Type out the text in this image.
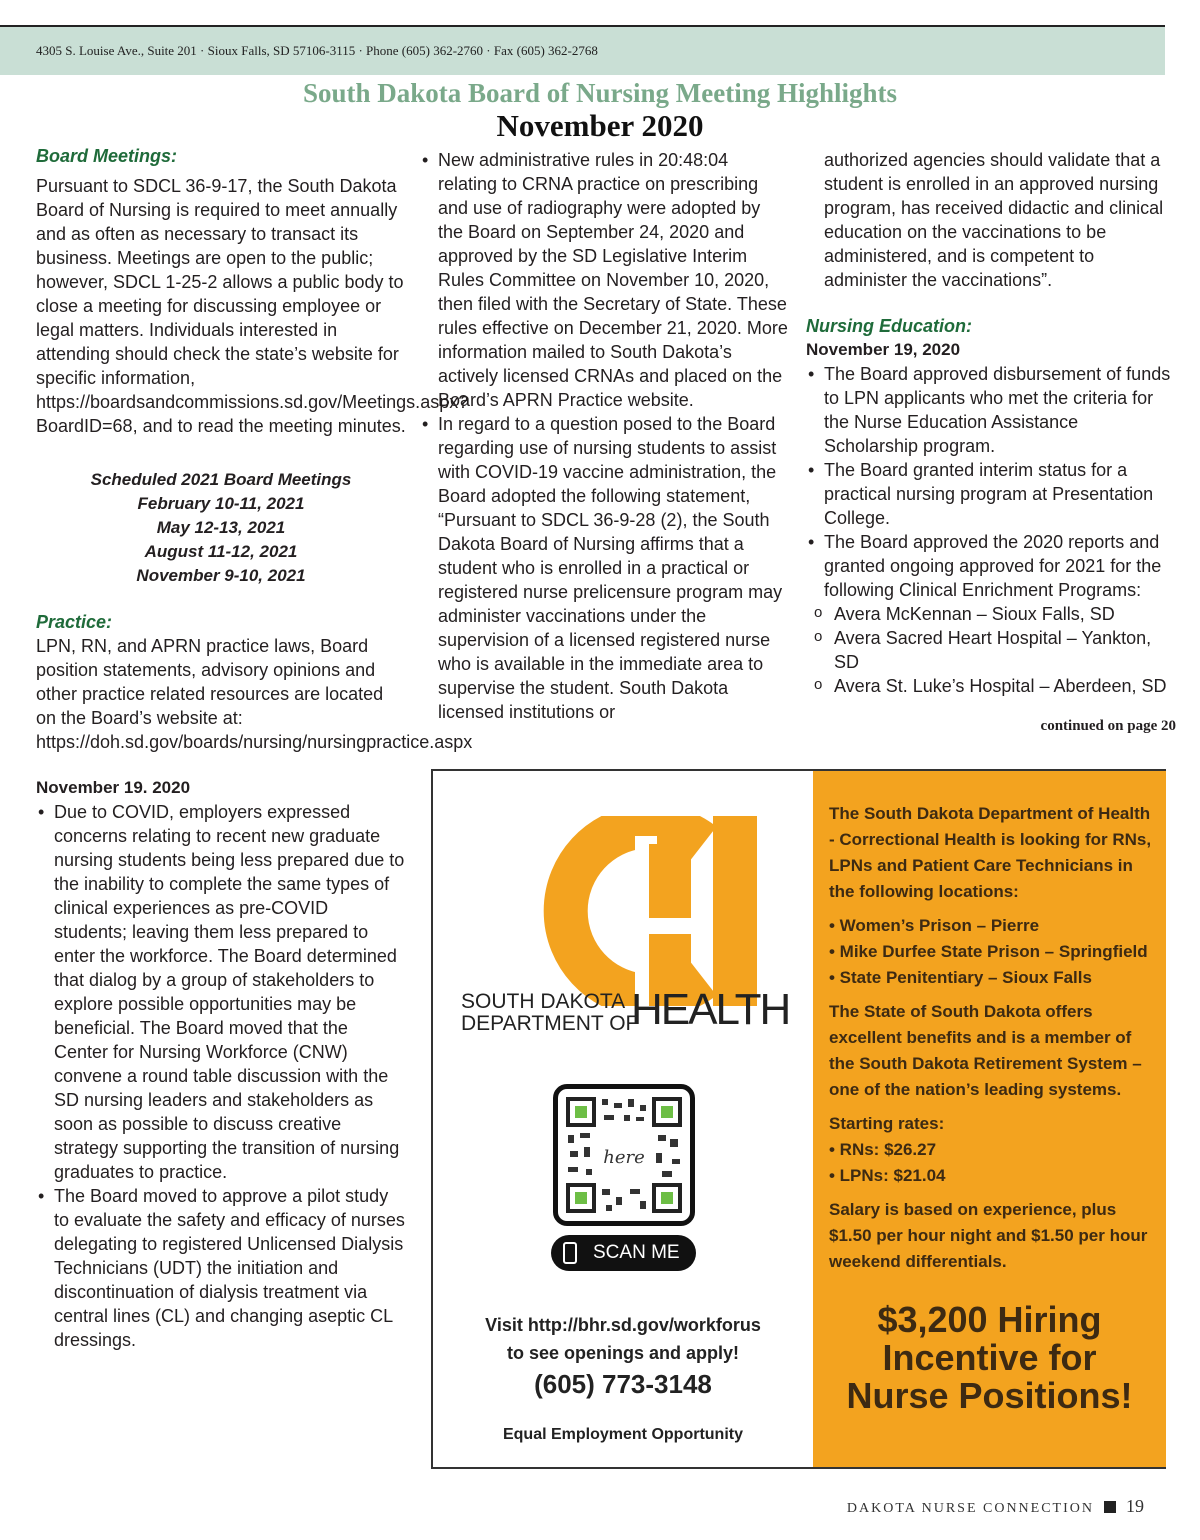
4305 S. Louise Ave., Suite 201 · Sioux Falls, SD 57106-3115 · Phone (605) 362-2760 · Fax (605) 362-2768
South Dakota Board of Nursing Meeting Highlights
November 2020
Board Meetings:
Pursuant to SDCL 36-9-17, the South Dakota Board of Nursing is required to meet annually and as often as necessary to transact its business. Meetings are open to the public; however, SDCL 1-25-2 allows a public body to close a meeting for discussing employee or legal matters. Individuals interested in attending should check the state’s website for specific information, https://boardsandcommissions.sd.gov/Meetings.aspx?BoardID=68, and to read the meeting minutes.
Scheduled 2021 Board Meetings
February 10-11, 2021
May 12-13, 2021
August 11-12, 2021
November 9-10, 2021
Practice:
LPN, RN, and APRN practice laws, Board position statements, advisory opinions and other practice related resources are located on the Board’s website at: https://doh.sd.gov/boards/nursing/nursingpractice.aspx
November 19. 2020
• Due to COVID, employers expressed concerns relating to recent new graduate nursing students being less prepared due to the inability to complete the same types of clinical experiences as pre-COVID students; leaving them less prepared to enter the workforce. The Board determined that dialog by a group of stakeholders to explore possible opportunities may be beneficial. The Board moved that the Center for Nursing Workforce (CNW) convene a round table discussion with the SD nursing leaders and stakeholders as soon as possible to discuss creative strategy supporting the transition of nursing graduates to practice.
• The Board moved to approve a pilot study to evaluate the safety and efficacy of nurses delegating to registered Unlicensed Dialysis Technicians (UDT) the initiation and discontinuation of dialysis treatment via central lines (CL) and changing aseptic CL dressings.
• New administrative rules in 20:48:04 relating to CRNA practice on prescribing and use of radiography were adopted by the Board on September 24, 2020 and approved by the SD Legislative Interim Rules Committee on November 10, 2020, then filed with the Secretary of State. These rules effective on December 21, 2020. More information mailed to South Dakota’s actively licensed CRNAs and placed on the Board’s APRN Practice website.
• In regard to a question posed to the Board regarding use of nursing students to assist with COVID-19 vaccine administration, the Board adopted the following statement, “Pursuant to SDCL 36-9-28 (2), the South Dakota Board of Nursing affirms that a student who is enrolled in a practical or registered nurse prelicensure program may administer vaccinations under the supervision of a licensed registered nurse who is available in the immediate area to supervise the student. South Dakota licensed institutions or
authorized agencies should validate that a student is enrolled in an approved nursing program, has received didactic and clinical education on the vaccinations to be administered, and is competent to administer the vaccinations”.
Nursing Education:
November 19, 2020
• The Board approved disbursement of funds to LPN applicants who met the criteria for the Nurse Education Assistance Scholarship program.
• The Board granted interim status for a practical nursing program at Presentation College.
• The Board approved the 2020 reports and granted ongoing approved for 2021 for the following Clinical Enrichment Programs:
o Avera McKennan – Sioux Falls, SD
o Avera Sacred Heart Hospital – Yankton, SD
o Avera St. Luke’s Hospital – Aberdeen, SD
continued on page 20
SOUTH DAKOTA
DEPARTMENT OF
HEALTH
here
SCAN ME
Visit http://bhr.sd.gov/workforus
to see openings and apply!
(605) 773-3148
Equal Employment Opportunity

The South Dakota Department of Health - Correctional Health is looking for RNs, LPNs and Patient Care Technicians in the following locations:

• Women’s Prison – Pierre
• Mike Durfee State Prison – Springfield

• State Penitentiary – Sioux Falls

The State of South Dakota offers excellent benefits and is a member of the South Dakota Retirement System – one of the nation’s leading systems.

Starting rates:
• RNs: $26.27

• LPNs: $21.04

Salary is based on experience, plus $1.50 per hour night and $1.50 per hour weekend differentials.

$3,200 Hiring
Incentive for
Nurse Positions!
DAKOTA NURSE CONNECTION 19
